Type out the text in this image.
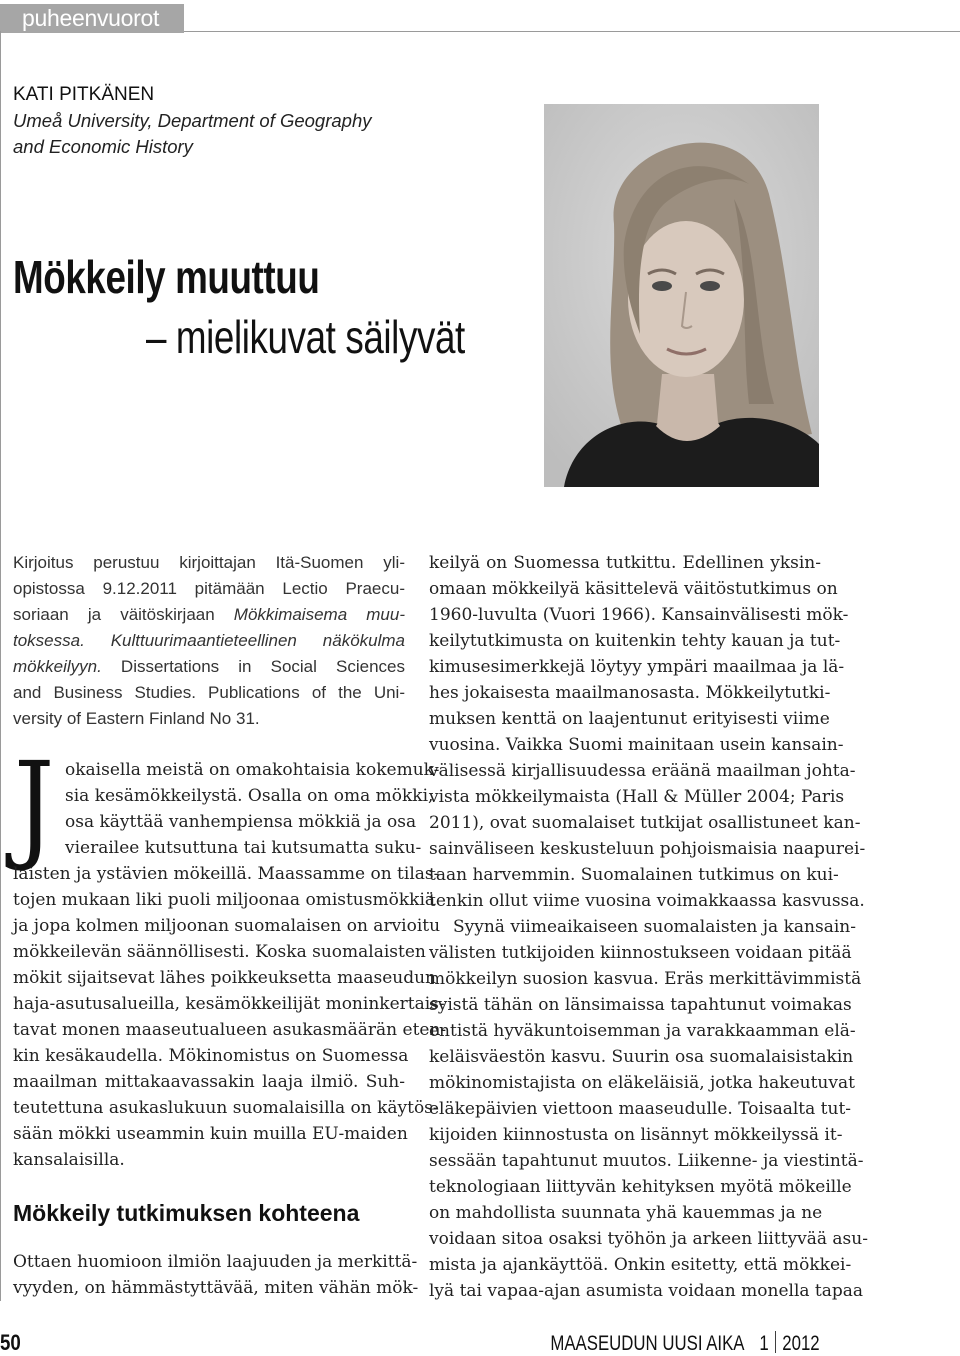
puheenvuorot
KATI PITKÄNEN
Umeå University, Department of Geography
and Economic History
Mökkeily muuttuu
– mielikuvat säilyvät
Kirjoitus perustuu kirjoittajan Itä-Suomen yli-
opistossa 9.12.2011 pitämään Lectio Praecu-
soriaan ja väitöskirjaan Mökkimaisema muu-
toksessa. Kulttuurimaantieteellinen näkökulma
mökkeilyyn. Dissertations in Social Sciences
and Business Studies. Publications of the Uni-
versity of Eastern Finland No 31.
J okaisella meistä on omakohtaisia kokemuk-
sia kesämökkeilystä. Osalla on oma mökki,
osa käyttää vanhempiensa mökkiä ja osa
vierailee kutsuttuna tai kutsumatta suku-
laisten ja ystävien mökeillä. Maassamme on tilas-
tojen mukaan liki puoli miljoonaa omistusmökkiä
ja jopa kolmen miljoonan suomalaisen on arvioitu
mökkeilevän säännöllisesti. Koska suomalaisten
mökit sijaitsevat lähes poikkeuksetta maaseudun
haja-asutusalueilla, kesämökkeilijät moninkertais-
tavat monen maaseutualueen asukasmäärän eten-
kin kesäkaudella. Mökinomistus on Suomessa
maailman mittakaavassakin laaja ilmiö. Suh-
teutettuna asukaslukuun suomalaisilla on käytös-
sään mökki useammin kuin muilla EU-maiden
kansalaisilla.
Mökkeily tutkimuksen kohteena
Ottaen huomioon ilmiön laajuuden ja merkittä-
vyyden, on hämmästyttävää, miten vähän mök-
keilyä on Suomessa tutkittu. Edellinen yksin-
omaan mökkeilyä käsittelevä väitöstutkimus on
1960-luvulta (Vuori 1966). Kansainvälisesti mök-
keilytutkimusta on kuitenkin tehty kauan ja tut-
kimusesimerkkejä löytyy ympäri maailmaa ja lä-
hes jokaisesta maailmanosasta. Mökkeilytutki-
muksen kenttä on laajentunut erityisesti viime
vuosina. Vaikka Suomi mainitaan usein kansain-
välisessä kirjallisuudessa eräänä maailman johta-
vista mökkeilymaista (Hall & Müller 2004; Paris
2011), ovat suomalaiset tutkijat osallistuneet kan-
sainväliseen keskusteluun pohjoismaisia naapurei-
taan harvemmin. Suomalainen tutkimus on kui-
tenkin ollut viime vuosina voimakkaassa kasvussa.
Syynä viimeaikaiseen suomalaisten ja kansain-
välisten tutkijoiden kiinnostukseen voidaan pitää
mökkeilyn suosion kasvua. Eräs merkittävimmistä
syistä tähän on länsimaissa tapahtunut voimakas
entistä hyväkuntoisemman ja varakkaamman elä-
keläisväestön kasvu. Suurin osa suomalaisistakin
mökinomistajista on eläkeläisiä, jotka hakeutuvat
eläkepäivien viettoon maaseudulle. Toisaalta tut-
kijoiden kiinnostusta on lisännyt mökkeilyssä it-
sessään tapahtunut muutos. Liikenne- ja viestintä-
teknologiaan liittyvän kehityksen myötä mökeille
on mahdollista suunnata yhä kauemmas ja ne
voidaan sitoa osaksi työhön ja arkeen liittyvää asu-
mista ja ajankäyttöä. Onkin esitetty, että mökkei-
lyä tai vapaa-ajan asumista voidaan monella tapaa
50	MAASEUDUN UUSI AIKA 1 2012
